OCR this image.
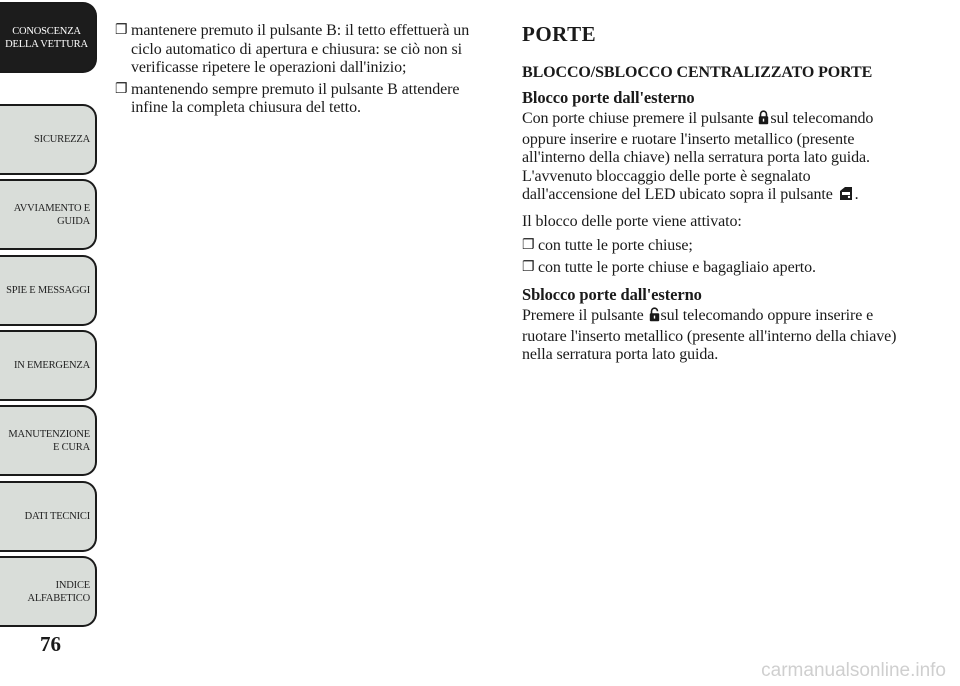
CONOSCENZA DELLA VETTURA
SICUREZZA
AVVIAMENTO E GUIDA
SPIE E MESSAGGI
IN EMERGENZA
MANUTENZIONE E CURA
DATI TECNICI
INDICE ALFABETICO
76
❐ mantenere premuto il pulsante B: il tetto effettuerà un ciclo automatico di apertura e chiusura: se ciò non si verificasse ripetere le operazioni dall'inizio;
❐ mantenendo sempre premuto il pulsante B attendere infine la completa chiusura del tetto.
PORTE
BLOCCO/SBLOCCO CENTRALIZZATO PORTE
Blocco porte dall'esterno
Con porte chiuse premere il pulsante sul telecomando oppure inserire e ruotare l'inserto metallico (presente all'interno della chiave) nella serratura porta lato guida. L'avvenuto bloccaggio delle porte è segnalato dall'accensione del LED ubicato sopra il pulsante .
Il blocco delle porte viene attivato:
❐ con tutte le porte chiuse;
❐ con tutte le porte chiuse e bagagliaio aperto.
Sblocco porte dall'esterno
Premere il pulsante sul telecomando oppure inserire e ruotare l'inserto metallico (presente all'interno della chiave) nella serratura porta lato guida.
carmanualsonline.info
